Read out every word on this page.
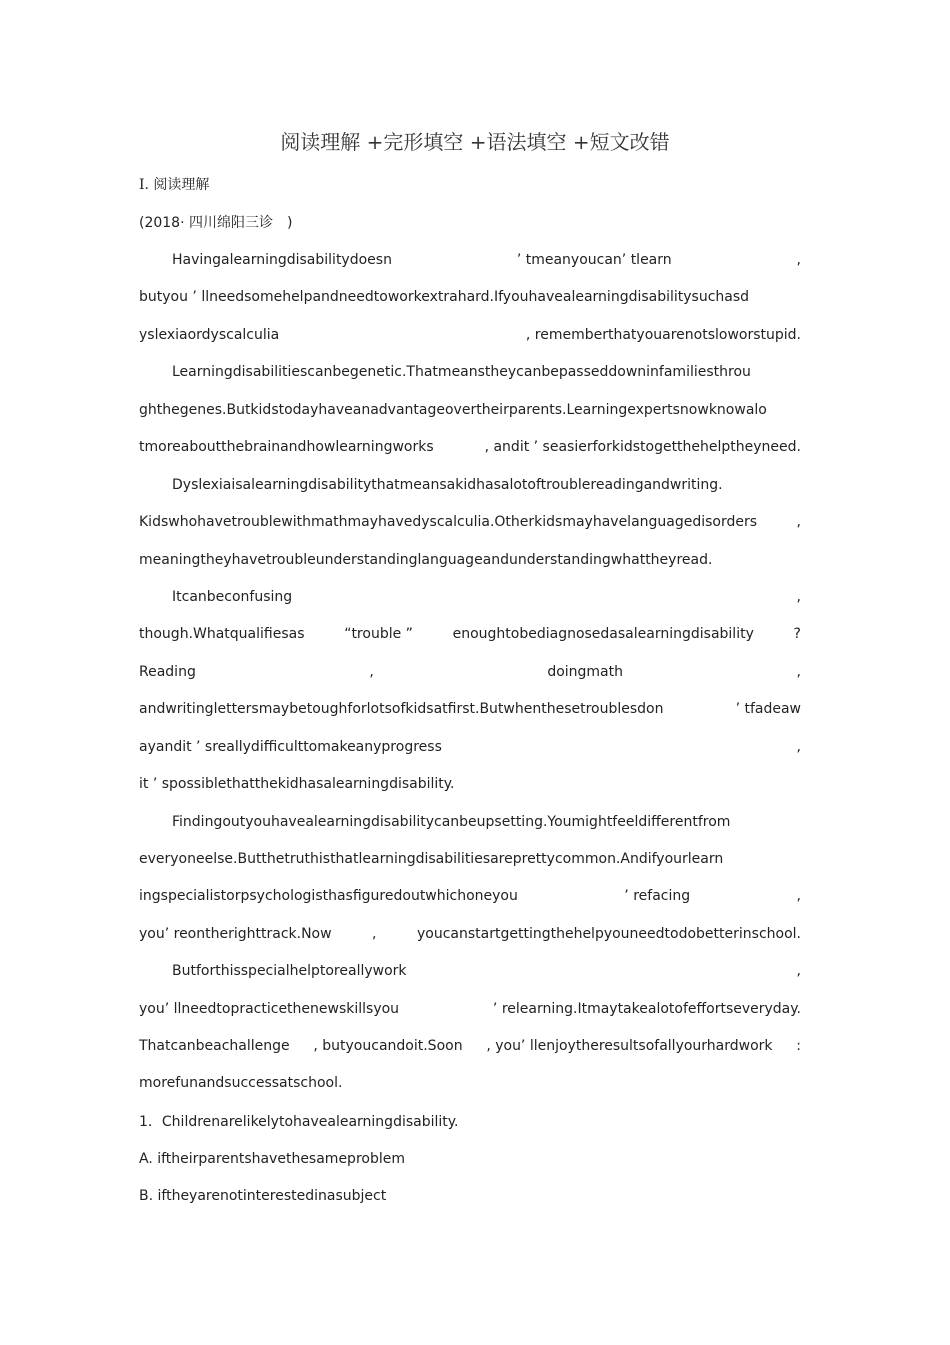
阅读理解 +完形填空 +语法填空 +短文改错
Ⅰ. 阅读理解
(2018· 四川绵阳三诊　)
Havingalearningdisabilitydoesn	’ tmeanyoucan’ tlearn	,
butyou ’ llneedsomehelpandneedtoworkextrahard.Ifyouhavealearningdisabilitysuchasd
yslexiaordyscalculia	, rememberthatyouarenotsloworstupid.
Learningdisabilitiescanbegenetic.Thatmeanstheycanbepasseddowninfamiliesthrou
ghthegenes.Butkidstodayhaveanadvantageovertheirparents.Learningexpertsnowknowalo
tmoreaboutthebrainandhowlearningworks	, andit ’ seasierforkidstogetthehelptheyneed.
Dyslexiaisalearningdisabilitythatmeansakidhasalotoftroublereadingandwriting.
Kidswhohavetroublewithmathmayhavedyscalculia.Otherkidsmayhavelanguagedisorders	,
meaningtheyhavetroubleunderstandinglanguageandunderstandingwhattheyread.
Itcanbeconfusing	,
though.Whatqualifiesas	“trouble ”	enoughtobediagnosedasalearningdisability	?
Reading	,	doingmath	,
andwritinglettersmaybetoughforlotsofkidsatfirst.Butwhenthesetroublesdon	’ tfadeaw
ayandit ’ sreallydifficulttomakeanyprogress	,
it ’ spossiblethatthekidhasalearningdisability.
Findingoutyouhavealearningdisabilitycanbeupsetting.Youmightfeeldifferentfrom
everyoneelse.Butthetruthisthatlearningdisabilitiesareprettycommon.Andifyourlearn
ingspecialistorpsychologisthasfiguredoutwhichoneyou	’ refacing	,
you’ reontherighttrack.Now	,	youcanstartgettingthehelpyouneedtodobetterinschool.
Butforthisspecialhelptoreallywork	,
you’ llneedtopracticethenewskillsyou	’ relearning.Itmaytakealotofeffortseveryday.
Thatcanbeachallenge , butyoucandoit.Soon , you’ llenjoytheresultsofallyourhardwork :
morefunandsuccessatschool.
1．Childrenarelikelytohavealearningdisability.
A. iftheirparentshavethesameproblem
B. iftheyarenotinterestedinasubject
